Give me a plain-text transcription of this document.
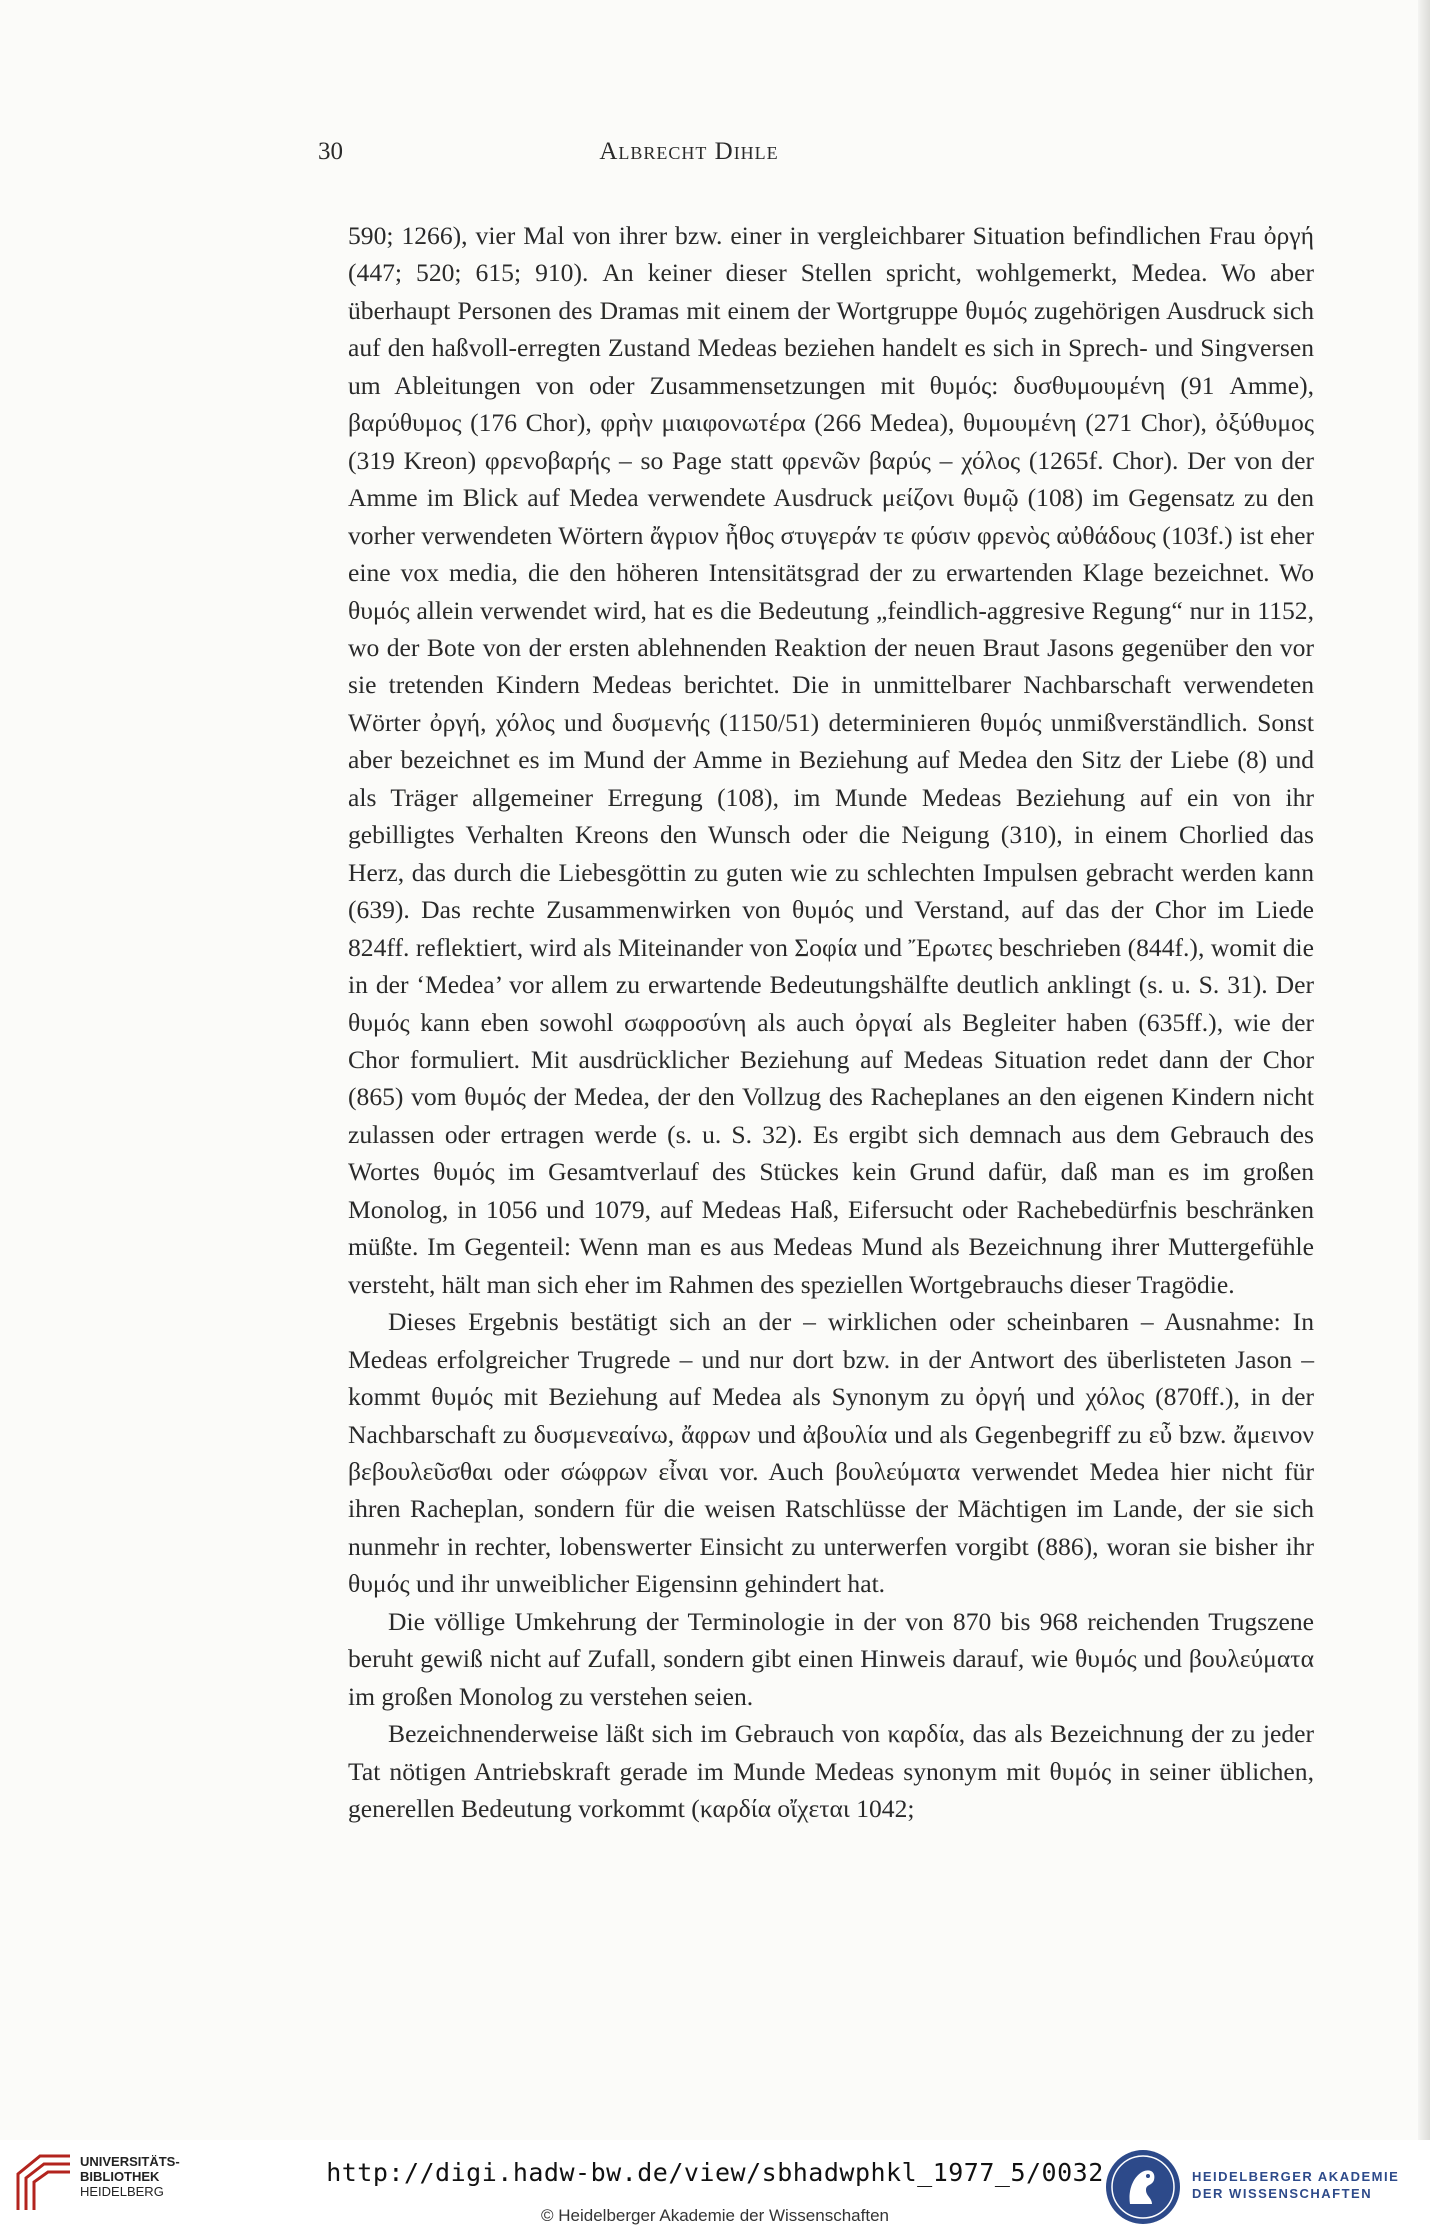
30	Albrecht Dihle

590; 1266), vier Mal von ihrer bzw. einer in vergleichbarer Situation befindlichen Frau ὀργή (447; 520; 615; 910). An keiner dieser Stellen spricht, wohlgemerkt, Medea. Wo aber überhaupt Personen des Dramas mit einem der Wortgruppe θυμός zugehörigen Ausdruck sich auf den haßvoll-erregten Zustand Medeas beziehen handelt es sich in Sprech- und Singversen um Ableitungen von oder Zusammensetzungen mit θυμός: δυσθυμουμένη (91 Amme), βαρύθυμος (176 Chor), φρὴν μιαιφονωτέρα (266 Medea), θυμουμένη (271 Chor), ὀξύθυμος (319 Kreon) φρενοβαρής – so Page statt φρενῶν βαρύς – χόλος (1265f. Chor). Der von der Amme im Blick auf Medea verwendete Ausdruck μείζονι θυμῷ (108) im Gegensatz zu den vorher verwendeten Wörtern ἄγριον ἦθος στυγεράν τε φύσιν φρενὸς αὐθάδους (103f.) ist eher eine vox media, die den höheren Intensitätsgrad der zu erwartenden Klage bezeichnet. Wo θυμός allein verwendet wird, hat es die Bedeutung „feindlich-aggresive Regung“ nur in 1152, wo der Bote von der ersten ablehnenden Reaktion der neuen Braut Jasons gegenüber den vor sie tretenden Kindern Medeas berichtet. Die in unmittelbarer Nachbarschaft verwendeten Wörter ὀργή, χόλος und δυσμενής (1150/51) determinieren θυμός unmißverständlich. Sonst aber bezeichnet es im Mund der Amme in Beziehung auf Medea den Sitz der Liebe (8) und als Träger allgemeiner Erregung (108), im Munde Medeas Beziehung auf ein von ihr gebilligtes Verhalten Kreons den Wunsch oder die Neigung (310), in einem Chorlied das Herz, das durch die Liebesgöttin zu guten wie zu schlechten Impulsen gebracht werden kann (639). Das rechte Zusammenwirken von θυμός und Verstand, auf das der Chor im Liede 824ff. reflektiert, wird als Miteinander von Σοφία und Ἔρωτες beschrieben (844f.), womit die in der ‘Medea’ vor allem zu erwartende Bedeutungshälfte deutlich anklingt (s. u. S. 31). Der θυμός kann eben sowohl σωφροσύνη als auch ὀργαί als Begleiter haben (635ff.), wie der Chor formuliert. Mit ausdrücklicher Beziehung auf Medeas Situation redet dann der Chor (865) vom θυμός der Medea, der den Vollzug des Racheplanes an den eigenen Kindern nicht zulassen oder ertragen werde (s. u. S. 32). Es ergibt sich demnach aus dem Gebrauch des Wortes θυμός im Gesamtverlauf des Stückes kein Grund dafür, daß man es im großen Monolog, in 1056 und 1079, auf Medeas Haß, Eifersucht oder Rachebedürfnis beschränken müßte. Im Gegenteil: Wenn man es aus Medeas Mund als Bezeichnung ihrer Muttergefühle versteht, hält man sich eher im Rahmen des speziellen Wortgebrauchs dieser Tragödie.

Dieses Ergebnis bestätigt sich an der – wirklichen oder scheinbaren – Ausnahme: In Medeas erfolgreicher Trugrede – und nur dort bzw. in der Antwort des überlisteten Jason – kommt θυμός mit Beziehung auf Medea als Synonym zu ὀργή und χόλος (870ff.), in der Nachbarschaft zu δυσμενεαίνω, ἄφρων und ἀβουλία und als Gegenbegriff zu εὖ bzw. ἄμεινον βεβουλεῦσθαι oder σώφρων εἶναι vor. Auch βουλεύματα verwendet Medea hier nicht für ihren Racheplan, sondern für die weisen Ratschlüsse der Mächtigen im Lande, der sie sich nunmehr in rechter, lobenswerter Einsicht zu unterwerfen vorgibt (886), woran sie bisher ihr θυμός und ihr unweiblicher Eigensinn gehindert hat.

Die völlige Umkehrung der Terminologie in der von 870 bis 968 reichenden Trugszene beruht gewiß nicht auf Zufall, sondern gibt einen Hinweis darauf, wie θυμός und βουλεύματα im großen Monolog zu verstehen seien.

Bezeichnenderweise läßt sich im Gebrauch von καρδία, das als Bezeichnung der zu jeder Tat nötigen Antriebskraft gerade im Munde Medeas synonym mit θυμός in seiner üblichen, generellen Bedeutung vorkommt (καρδία οἴχεται 1042;

UNIVERSITÄTS-
BIBLIOTHEK
HEIDELBERG
http://digi.hadw-bw.de/view/sbhadwphkl_1977_5/0032
© Heidelberger Akademie der Wissenschaften
HEIDELBERGER AKADEMIE
DER WISSENSCHAFTEN
